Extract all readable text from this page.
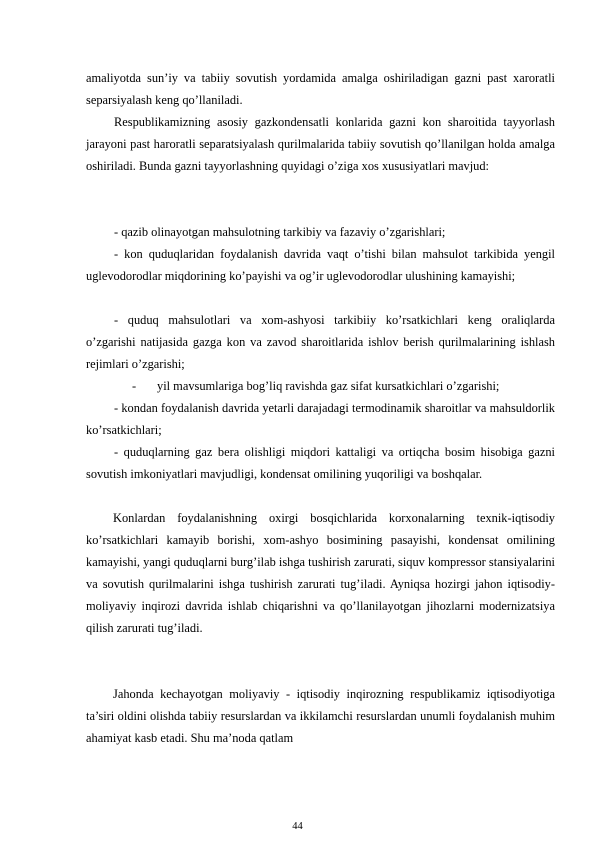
amaliyotda sun’iy va tabiiy sovutish yordamida amalga oshiriladigan gazni past xaroratli separsiyalash keng qo’llaniladi.

Respublikamizning asosiy gazkondensatli konlarida gazni kon sharoitida tayyorlash jarayoni past haroratli separatsiyalash qurilmalarida tabiiy sovutish qo’llanilgan holda amalga oshiriladi. Bunda gazni tayyorlashning quyidagi o’ziga xos xususiyatlari mavjud:

- qazib olinayotgan mahsulotning tarkibiy va fazaviy o’zgarishlari;

- kon quduqlaridan foydalanish davrida vaqt o’tishi bilan mahsulot tarkibida yengil uglevodorodlar miqdorining ko’payishi va og’ir uglevodorodlar ulushining kamayishi;

- quduq mahsulotlari va xom-ashyosi tarkibiiy ko’rsatkichlari keng oraliqlarda o’zgarishi natijasida gazga kon va zavod sharoitlarida ishlov berish qurilmalarining ishlash rejimlari o’zgarishi;

- yil mavsumlariga bog’liq ravishda gaz sifat kursatkichlari o’zgarishi;

- kondan foydalanish davrida yetarli darajadagi termodinamik sharoitlar va mahsuldorlik ko’rsatkichlari;

- quduqlarning gaz bera olishligi miqdori kattaligi va ortiqcha bosim hisobiga gazni sovutish imkoniyatlari mavjudligi, kondensat omilining yuqoriligi va boshqalar.

Konlardan foydalanishning oxirgi bosqichlarida korxonalarning texnik-iqtisodiy ko’rsatkichlari kamayib borishi, xom-ashyo bosimining pasayishi, kondensat omilining kamayishi, yangi quduqlarni burg’ilab ishga tushirish zarurati, siquv kompressor stansiyalarini va sovutish qurilmalarini ishga tushirish zarurati tug’iladi. Ayniqsa hozirgi jahon iqtisodiy-moliyaviy inqirozi davrida ishlab chiqarishni va qo’llanilayotgan jihozlarni modernizatsiya qilish zarurati tug’iladi.

Jahonda kechayotgan moliyaviy - iqtisodiy inqirozning respublikamiz iqtisodiyotiga ta’siri oldini olishda tabiiy resurslardan va ikkilamchi resurslardan unumli foydalanish muhim ahamiyat kasb etadi. Shu ma’noda qatlam

44
